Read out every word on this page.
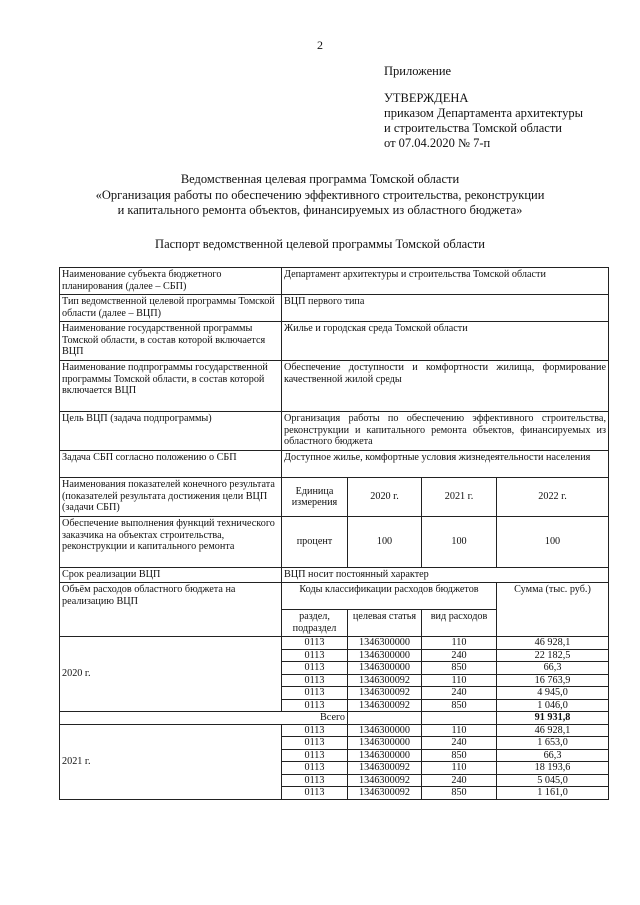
2
Приложение
УТВЕРЖДЕНА
приказом Департамента архитектуры
и строительства Томской области
от 07.04.2020 № 7-п
Ведомственная целевая программа Томской области
«Организация работы по обеспечению эффективного строительства, реконструкции
и капитального ремонта объектов, финансируемых из областного бюджета»
Паспорт ведомственной целевой программы Томской области
Наименование субъекта бюджетного планирования (далее – СБП)	Департамент архитектуры и строительства Томской области			
Тип ведомственной целевой программы Томской области (далее – ВЦП)	ВЦП первого типа			
Наименование государственной программы Томской области, в состав которой включается ВЦП	Жилье и городская среда Томской области			
Наименование подпрограммы государственной программы Томской области, в состав которой включается ВЦП	Обеспечение доступности и комфортности жилища, формирование качественной жилой среды			
Цель ВЦП (задача подпрограммы)	Организация работы по обеспечению эффективного строительства, реконструкции и капитального ремонта объектов, финансируемых из областного бюджета			
Задача СБП согласно положению о СБП	Доступное жилье, комфортные условия жизнедеятельности населения			
Наименования показателей конечного результата (показателей результата достижения цели ВЦП (задачи СБП)	Единица измерения	2020 г.	2021 г.	2022 г.
Обеспечение выполнения функций технического заказчика на объектах строительства, реконструкции и капитального ремонта	процент	100	100	100
Срок реализации ВЦП	ВЦП носит постоянный характер			
Объём расходов областного бюджета на реализацию ВЦП	Коды классификации расходов бюджетов			Сумма (тыс. руб.)
	раздел, подраздел	целевая статья	вид расходов	
2020 г.	0113	1346300000	110	46 928,1
	0113	1346300000	240	22 182,5
	0113	1346300000	850	66,3
	0113	1346300092	110	16 763,9
	0113	1346300092	240	4 945,0
	0113	1346300092	850	1 046,0
Всего				91 931,8
2021 г.	0113	1346300000	110	46 928,1
	0113	1346300000	240	1 653,0
	0113	1346300000	850	66,3
	0113	1346300092	110	18 193,6
	0113	1346300092	240	5 045,0
	0113	1346300092	850	1 161,0
